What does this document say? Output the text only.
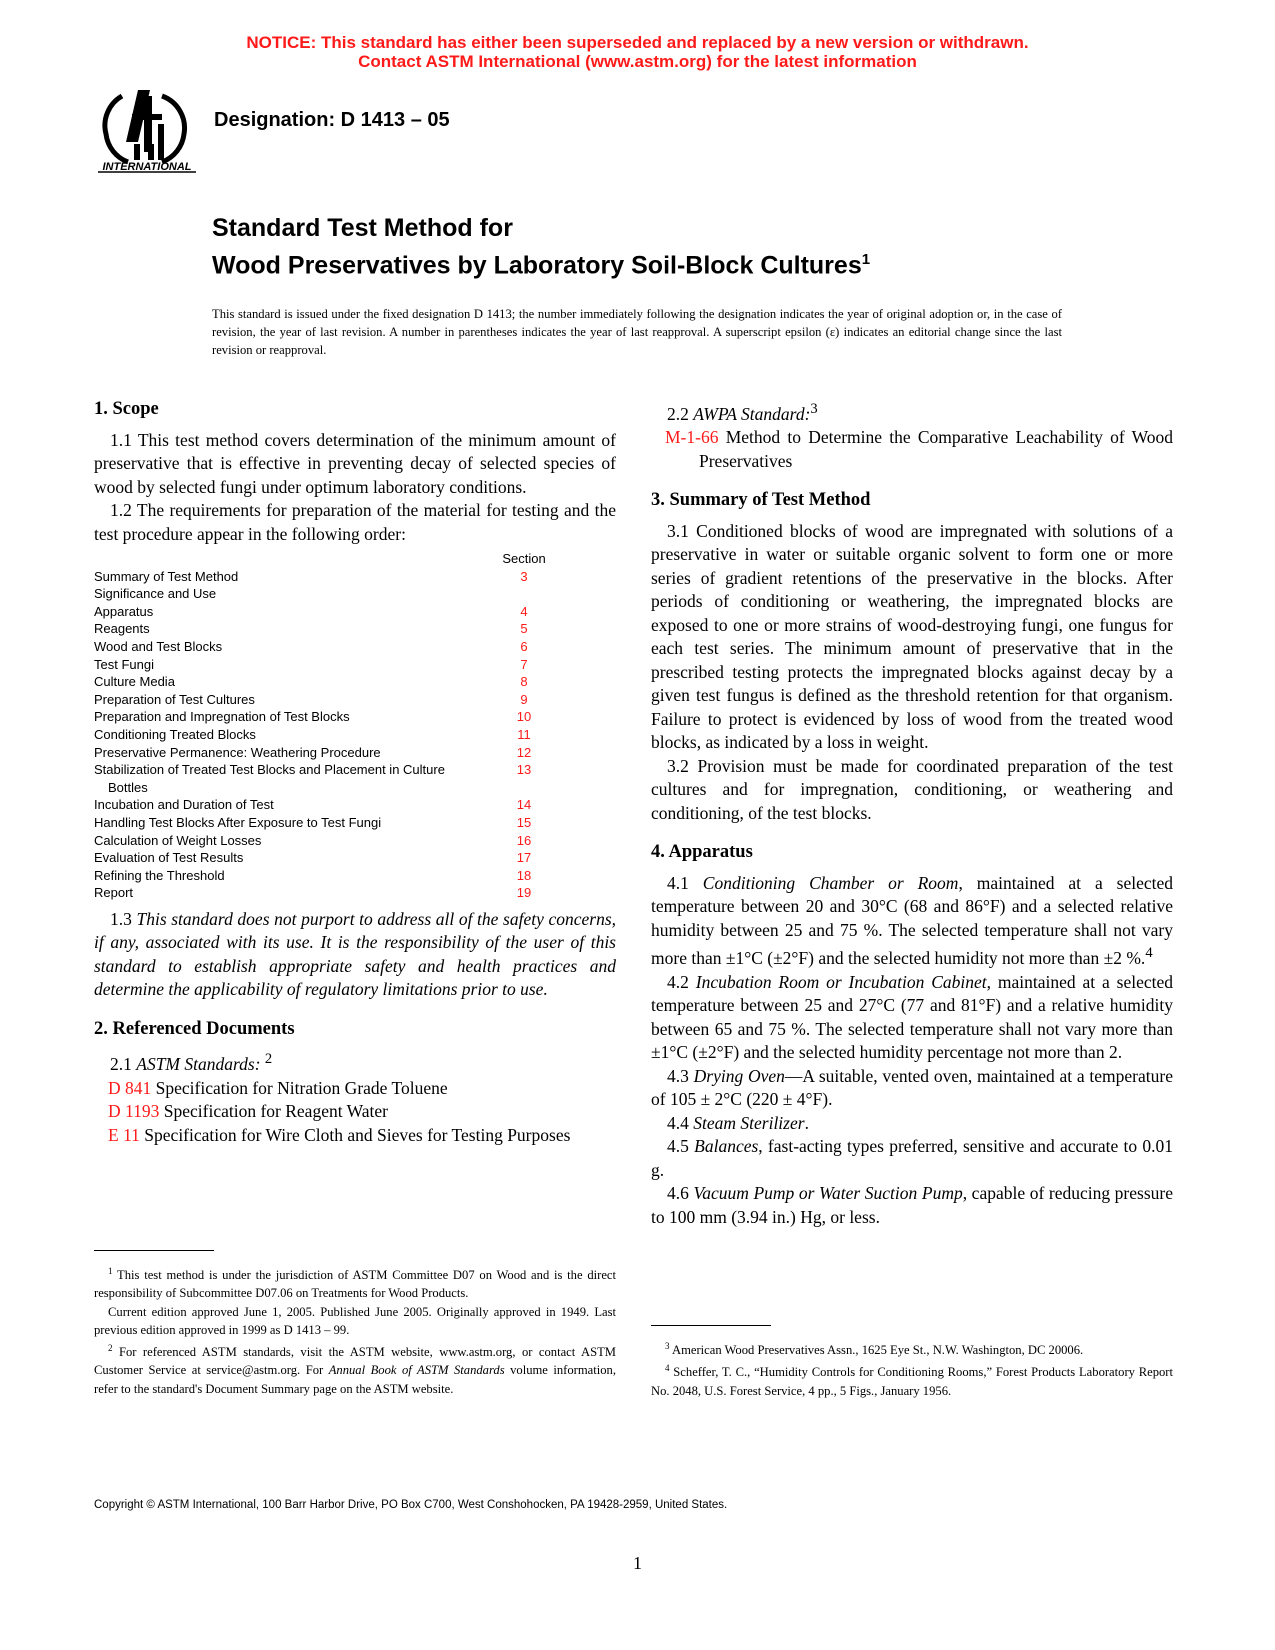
NOTICE: This standard has either been superseded and replaced by a new version or withdrawn.
Contact ASTM International (www.astm.org) for the latest information
INTERNATIONAL
Designation: D 1413 – 05
Standard Test Method for
Wood Preservatives by Laboratory Soil-Block Cultures$^1$
This standard is issued under the fixed designation D 1413; the number immediately following the designation indicates the year of original adoption or, in the case of revision, the year of last revision. A number in parentheses indicates the year of last reapproval. A superscript epsilon (ε) indicates an editorial change since the last revision or reapproval.
1. Scope

1.1 This test method covers determination of the minimum amount of preservative that is effective in preventing decay of selected species of wood by selected fungi under optimum laboratory conditions.

1.2 The requirements for preparation of the material for testing and the test procedure appear in the following order:

Section
Summary of Test Method	3
Significance and Use
Apparatus	4
Reagents	5
Wood and Test Blocks	6
Test Fungi	7
Culture Media	8
Preparation of Test Cultures	9
Preparation and Impregnation of Test Blocks	10
Conditioning Treated Blocks	11
Preservative Permanence: Weathering Procedure	12
Stabilization of Treated Test Blocks and Placement in Culture	13
Bottles
Incubation and Duration of Test	14
Handling Test Blocks After Exposure to Test Fungi	15
Calculation of Weight Losses	16
Evaluation of Test Results	17
Refining the Threshold	18
Report	19

1.3 This standard does not purport to address all of the safety concerns, if any, associated with its use. It is the responsibility of the user of this standard to establish appropriate safety and health practices and determine the applicability of regulatory limitations prior to use.

2. Referenced Documents

2.1 ASTM Standards: $^2$

D 841 Specification for Nitration Grade Toluene

D 1193 Specification for Reagent Water

E 11 Specification for Wire Cloth and Sieves for Testing Purposes

2.2 AWPA Standard:$^3$

M-1-66 Method to Determine the Comparative Leachability of Wood Preservatives

3. Summary of Test Method

3.1 Conditioned blocks of wood are impregnated with solutions of a preservative in water or suitable organic solvent to form one or more series of gradient retentions of the preservative in the blocks. After periods of conditioning or weathering, the impregnated blocks are exposed to one or more strains of wood-destroying fungi, one fungus for each test series. The minimum amount of preservative that in the prescribed testing protects the impregnated blocks against decay by a given test fungus is defined as the threshold retention for that organism. Failure to protect is evidenced by loss of wood from the treated wood blocks, as indicated by a loss in weight.

3.2 Provision must be made for coordinated preparation of the test cultures and for impregnation, conditioning, or weathering and conditioning, of the test blocks.

4. Apparatus

4.1 Conditioning Chamber or Room, maintained at a selected temperature between 20 and 30°C (68 and 86°F) and a selected relative humidity between 25 and 75 %. The selected temperature shall not vary more than ±1°C (±2°F) and the selected humidity not more than ±2 %.$^4$

4.2 Incubation Room or Incubation Cabinet, maintained at a selected temperature between 25 and 27°C (77 and 81°F) and a relative humidity between 65 and 75 %. The selected temperature shall not vary more than ±1°C (±2°F) and the selected humidity percentage not more than 2.

4.3 Drying Oven—A suitable, vented oven, maintained at a temperature of 105 ± 2°C (220 ± 4°F).

4.4 Steam Sterilizer.

4.5 Balances, fast-acting types preferred, sensitive and accurate to 0.01 g.

4.6 Vacuum Pump or Water Suction Pump, capable of reducing pressure to 100 mm (3.94 in.) Hg, or less.

$^1$ This test method is under the jurisdiction of ASTM Committee D07 on Wood and is the direct responsibility of Subcommittee D07.06 on Treatments for Wood Products.

Current edition approved June 1, 2005. Published June 2005. Originally approved in 1949. Last previous edition approved in 1999 as D 1413 – 99.

$^2$ For referenced ASTM standards, visit the ASTM website, www.astm.org, or contact ASTM Customer Service at service@astm.org. For Annual Book of ASTM Standards volume information, refer to the standard's Document Summary page on the ASTM website.

$^3$ American Wood Preservatives Assn., 1625 Eye St., N.W. Washington, DC 20006.

$^4$ Scheffer, T. C., “Humidity Controls for Conditioning Rooms,” Forest Products Laboratory Report No. 2048, U.S. Forest Service, 4 pp., 5 Figs., January 1956.

Copyright © ASTM International, 100 Barr Harbor Drive, PO Box C700, West Conshohocken, PA 19428-2959, United States.
1
